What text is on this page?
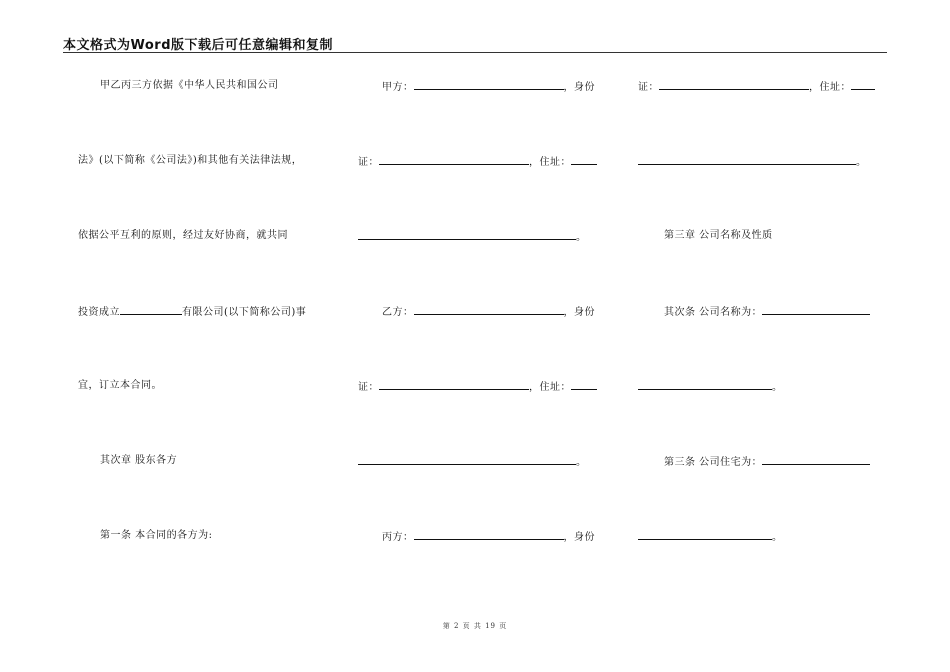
本文格式为Word版下载后可任意编辑和复制
甲乙丙三方依据《中华人民共和国公司
法》(以下简称《公司法》)和其他有关法律法规，
依据公平互利的原则，经过友好协商，就共同
投资成立	有限公司(以下简称公司)事
宜，订立本合同。
其次章 股东各方
第一条 本合同的各方为:
甲方：	，身份
证：	，住址：
。
乙方：	，身份
证：	，住址：
。
丙方：	，身份
证：	，住址：
。
第三章 公司名称及性质
其次条 公司名称为：
。
第三条 公司住宅为：
。
第 2 页 共 19 页
